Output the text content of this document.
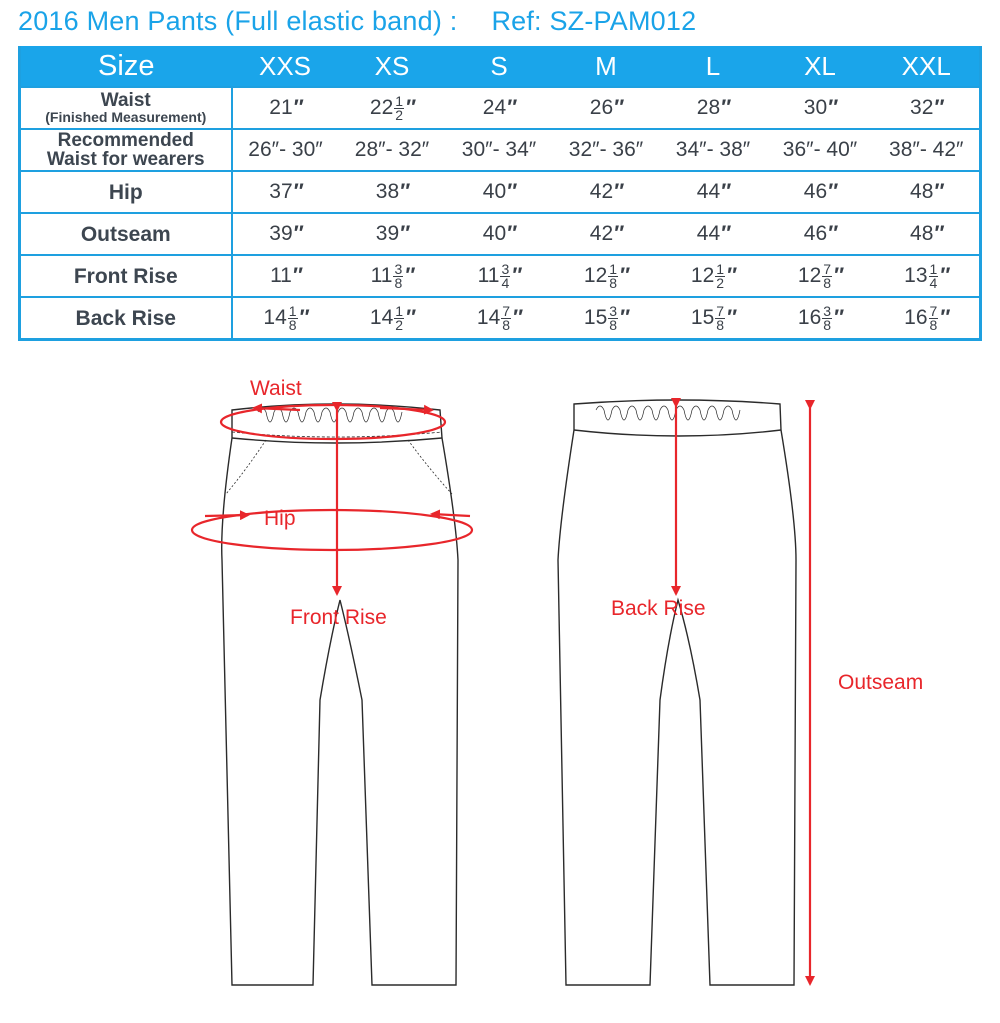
2016 Men Pants (Full elastic band) : Ref: SZ-PAM012
Size	XXS	XS	S	M	L	XL	XXL

Waist
(Finished Measurement)	21″	$22 \frac{1}{2}$ ″	24″	26″	28″	30″	32″

Recommended
Waist for wearers	26″- 30″	28″- 32″	30″- 34″	32″- 36″	34″- 38″	36″- 40″	38″- 42″
Hip	37″	38″	40″	42″	44″	46″	48″
Outseam	39″	39″	40″	42″	44″	46″	48″
Front Rise	11″	$11 \frac{3}{8}$ ″	$11 \frac{3}{4}$ ″	$12 \frac{1}{8}$ ″	$12 \frac{1}{2}$ ″	$12 \frac{7}{8}$ ″	$13 \frac{1}{4}$ ″
Back Rise	$14 \frac{1}{8}$ ″	$14 \frac{1}{2}$ ″	$14 \frac{7}{8}$ ″	$15 \frac{3}{8}$ ″	$15 \frac{7}{8}$ ″	$16 \frac{3}{8}$ ″	$16 \frac{7}{8}$ ″
Waist
Hip
Front Rise	Back Rise
Outseam
